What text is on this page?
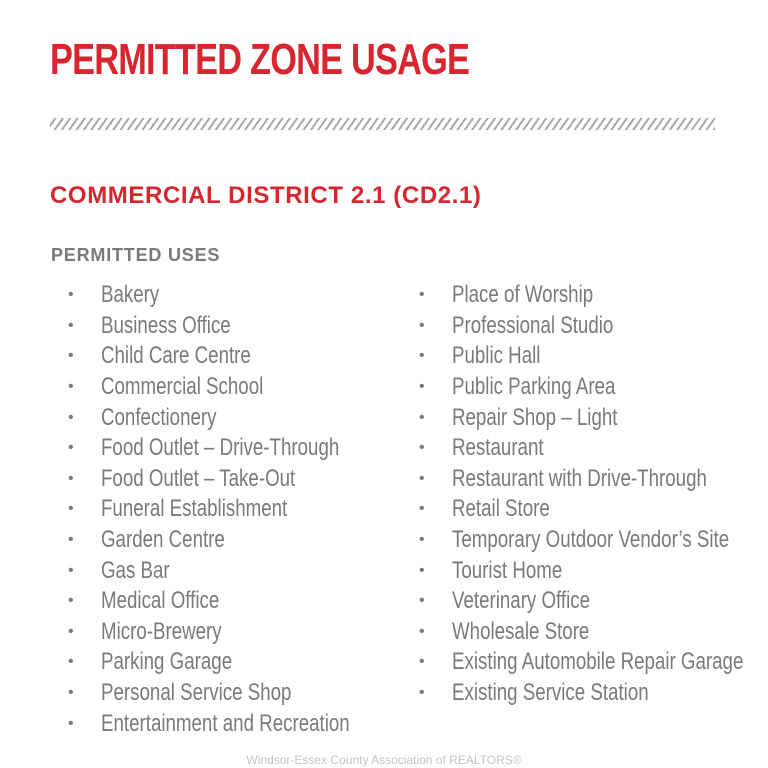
PERMITTED ZONE USAGE
COMMERCIAL DISTRICT 2.1 (CD2.1)
PERMITTED USES
•	Bakery
•	Business Office
•	Child Care Centre
•	Commercial School
•	Confectionery
•	Food Outlet – Drive-Through
•	Food Outlet – Take-Out
•	Funeral Establishment
•	Garden Centre
•	Gas Bar
•	Medical Office
•	Micro-Brewery
•	Parking Garage
•	Personal Service Shop
•	Entertainment and Recreation
•	Place of Worship
•	Professional Studio
•	Public Hall
•	Public Parking Area
•	Repair Shop – Light
•	Restaurant
•	Restaurant with Drive-Through
•	Retail Store
•	Temporary Outdoor Vendor’s Site
•	Tourist Home
•	Veterinary Office
•	Wholesale Store
•	Existing Automobile Repair Garage
•	Existing Service Station
Windsor-Essex County Association of REALTORS®
